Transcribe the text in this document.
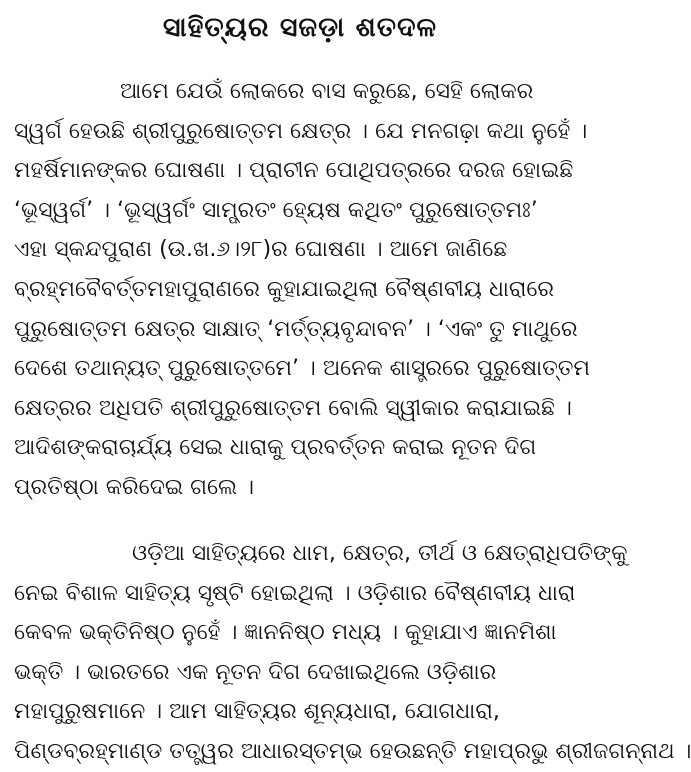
ସାହିତ୍ୟର ସଜଡ଼ା ଶତଦଳ
ଆମେ ଯେଉଁ ଲୋକରେ ବାସ କରୁଛେ, ସେହି ଲୋକର
ସ୍ୱର୍ଗ ହେଉଛି ଶ୍ରୀପୁରୁଷୋତ୍ତମ କ୍ଷେତ୍ର । ଯେ ମନଗଢ଼ା କଥା ନୁହେଁ ।
ମହର୍ଷିମାନଙ୍କର ଘୋଷଣା । ପ୍ରାଚୀନ ପୋଥିପତ୍ରରେ ଦରଜ ହୋଇଛି
‘ଭୂସ୍ୱର୍ଗ’ । ‘ଭୂସ୍ୱର୍ଗଂ ସାମ୍ପ୍ରତଂ ହ୍ୟେଷ କଥିତଂ ପୁରୁଷୋତ୍ତମଃ’
ଏହା ସ୍କନ୍ଦପୁରାଣ (ଉ.ଖ.୬।୨୮)ର ଘୋଷଣା । ଆମେ ଜାଣିଛେ
ବ୍ରହ୍ମବୈବର୍ତ୍ତମହାପୁରାଣରେ କୁହାଯାଇଥିଲା ବୈଷ୍ଣବୀୟ ଧାରାରେ
ପୁରୁଷୋତ୍ତମ କ୍ଷେତ୍ର ସାକ୍ଷାତ୍ ‘ମର୍ତ୍ତ୍ୟବୃନ୍ଦାବନ’ । ‘ଏକଂ ତୁ ମାଥୁରେ
ଦେଶେ ତଥାନ୍ୟତ୍ ପୁରୁଷୋତ୍ତମେ’ । ଅନେକ ଶାସ୍ତ୍ରରେ ପୁରୁଷୋତ୍ତମ
କ୍ଷେତ୍ରର ଅଧିପତି ଶ୍ରୀପୁରୁଷୋତ୍ତମ ବୋଲି ସ୍ୱୀକାର କରାଯାଇଛି ।
ଆଦିଶଙ୍କରାଚାର୍ଯ୍ୟ ସେଇ ଧାରାକୁ ପ୍ରବର୍ତ୍ତନ କରାଇ ନୂତନ ଦିଗ
ପ୍ରତିଷ୍ଠା କରିଦେଇ ଗଲେ ।
ଓଡ଼ିଆ ସାହିତ୍ୟରେ ଧାମ, କ୍ଷେତ୍ର, ତୀର୍ଥ ଓ କ୍ଷେତ୍ରାଧିପତିଙ୍କୁ
ନେଇ ବିଶାଳ ସାହିତ୍ୟ ସୃଷ୍ଟି ହୋଇଥିଲା । ଓଡ଼ିଶାର ବୈଷ୍ଣବୀୟ ଧାରା
କେବଳ ଭକ୍ତିନିଷ୍ଠ ନୁହେଁ । ଜ୍ଞାନନିଷ୍ଠ ମଧ୍ୟ । କୁହାଯାଏ ଜ୍ଞାନମିଶା
ଭକ୍ତି । ଭାରତରେ ଏକ ନୂତନ ଦିଗ ଦେଖାଇଥିଲେ ଓଡ଼ିଶାର
ମହାପୁରୁଷମାନେ । ଆମ ସାହିତ୍ୟର ଶୂନ୍ୟଧାରା, ଯୋଗଧାରା,
ପିଣ୍ଡବ୍ରହ୍ମାଣ୍ଡ ତତ୍ତ୍ୱର ଆଧାରସ୍ତମ୍ଭ ହେଉଛନ୍ତି ମହାପ୍ରଭୁ ଶ୍ରୀଜଗନ୍ନାଥ ।
